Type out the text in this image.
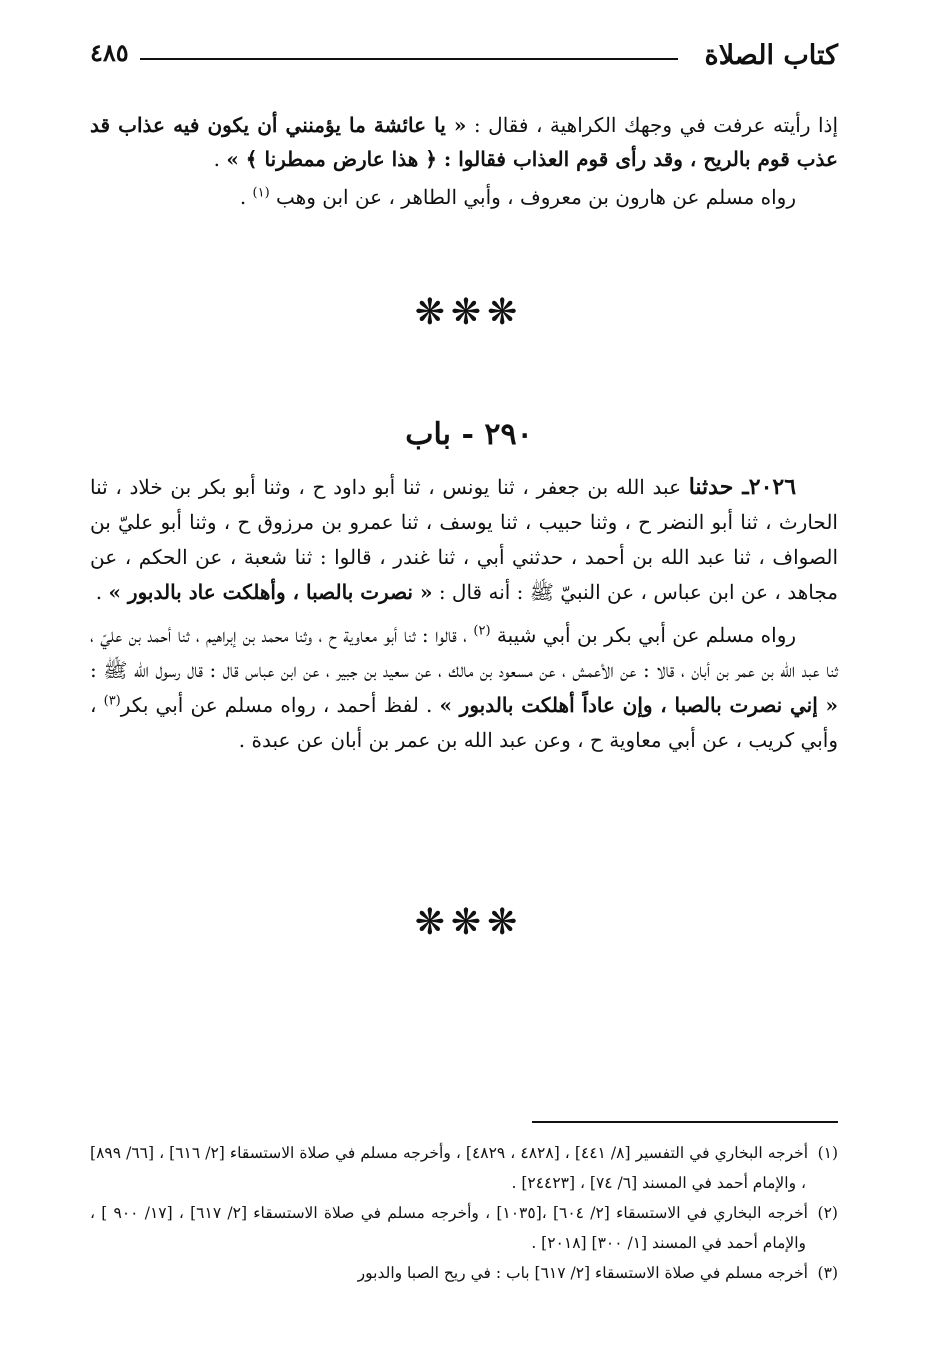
كتاب الصلاة
٤٨٥

إذا رأيته عرفت في وجهك الكراهية ، فقال : « يا عائشة ما يؤمنني أن يكون فيه عذاب قد عذب قوم بالريح ، وقد رأى قوم العذاب فقالوا : ﴿ هذا عارض ممطرنا ﴾ » .

رواه مسلم عن هارون بن معروف ، وأبي الطاهر ، عن ابن وهب $^{(١)}$ .

❋❋❋
٢٩٠ - باب

٢٠٢٦ـ حدثنا عبد الله بن جعفر ، ثنا يونس ، ثنا أبو داود ح ، وثنا أبو بكر بن خلاد ، ثنا الحارث ، ثنا أبو النضر ح ، وثنا حبيب ، ثنا يوسف ، ثنا عمرو بن مرزوق ح ، وثنا أبو عليّ بن الصواف ، ثنا عبد الله بن أحمد ، حدثني أبي ، ثنا غندر ، قالوا : ثنا شعبة ، عن الحكم ، عن مجاهد ، عن ابن عباس ، عن النبيّ ﷺ : أنه قال : « نصرت بالصبا ، وأهلكت عاد بالدبور » .

رواه مسلم عن أبي بكر بن أبي شيبة $^{(٢)}$ ، قالوا : ثنا أبو معاوية ح ، وثنا محمد بن إبراهيم ، ثنا أحمد بن عليّ ، ثنا عبد الله بن عمر بن أبان ، قالا : عن الأعمش ، عن مسعود بن مالك ، عن سعيد بن جبير ، عن ابن عباس قال : قال رسول الله ﷺ : « إني نصرت بالصبا ، وإن عاداً أهلكت بالدبور » . لفظ أحمد ، رواه مسلم عن أبي بكر$^{(٣)}$ ، وأبي كريب ، عن أبي معاوية ح ، وعن عبد الله بن عمر بن أبان عن عبدة .

❋❋❋

(١)أخرجه البخاري في التفسير [٨/ ٤٤١] ، [٤٨٢٨ ، ٤٨٢٩] ، وأخرجه مسلم في صلاة الاستسقاء [٢/ ٦١٦] ، [٦٦/ ٨٩٩] ، والإمام أحمد في المسند [٦/ ٧٤] ، [٢٤٤٢٣] .

(٢)أخرجه البخاري في الاستسقاء [٢/ ٦٠٤] ،[١٠٣٥] ، وأخرجه مسلم في صلاة الاستسقاء [٢/ ٦١٧] ، [١٧/ ٩٠٠ ] ، والإمام أحمد في المسند [١/ ٣٠٠] [٢٠١٨] .

(٣)أخرجه مسلم في صلاة الاستسقاء [٢/ ٦١٧] باب : في ريح الصبا والدبور
